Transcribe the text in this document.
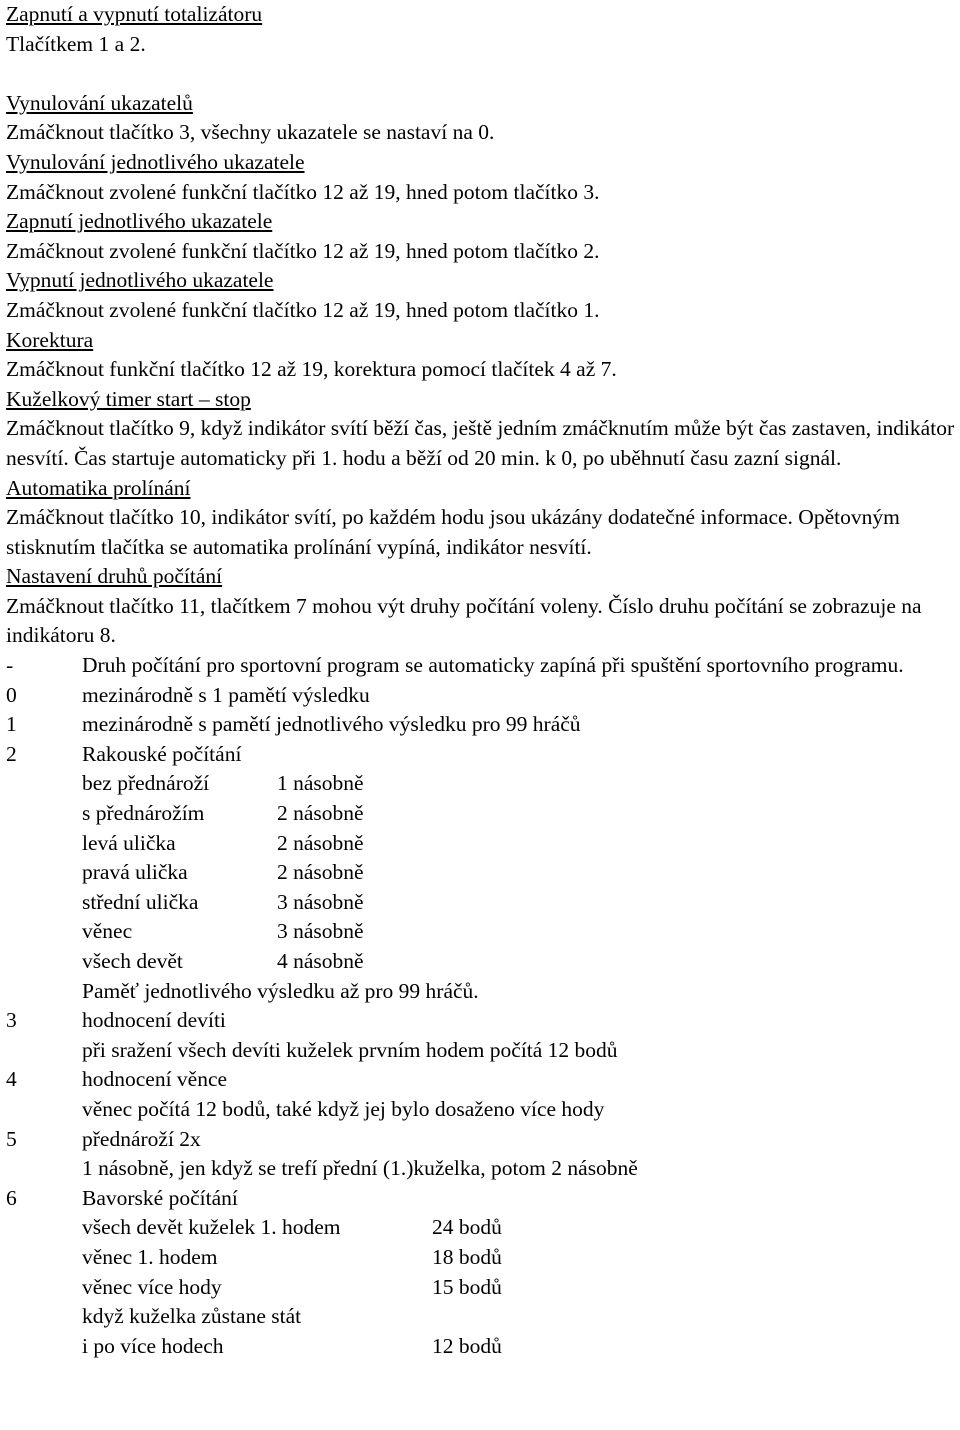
Zapnutí a vypnutí totalizátoru
Tlačítkem 1 a 2.

Vynulování ukazatelů
Zmáčknout tlačítko 3, všechny ukazatele se nastaví na 0.
Vynulování jednotlivého ukazatele
Zmáčknout zvolené funkční tlačítko 12 až 19, hned potom tlačítko 3.
Zapnutí jednotlivého ukazatele
Zmáčknout zvolené funkční tlačítko 12 až 19, hned potom tlačítko 2.
Vypnutí jednotlivého ukazatele
Zmáčknout zvolené funkční tlačítko 12 až 19, hned potom tlačítko 1.
Korektura
Zmáčknout funkční tlačítko 12 až 19, korektura pomocí tlačítek 4 až 7.
Kuželkový timer start – stop
Zmáčknout tlačítko 9, když indikátor svítí běží čas, ještě jedním zmáčknutím může být čas zastaven, indikátor nesvítí. Čas startuje automaticky při 1. hodu a běží od 20 min. k 0, po uběhnutí času zazní signál.
Automatika prolínání
Zmáčknout tlačítko 10, indikátor svítí, po každém hodu jsou ukázány dodatečné informace. Opětovným stisknutím tlačítka se automatika prolínání vypíná, indikátor nesvítí.
Nastavení druhů počítání
Zmáčknout tlačítko 11, tlačítkem 7 mohou výt druhy počítání voleny. Číslo druhu počítání se zobrazuje na indikátoru 8.
-	Druh počítání pro sportovní program se automaticky zapíná při spuštění sportovního programu.
0	mezinárodně s 1 pamětí výsledku
1	mezinárodně s pamětí jednotlivého výsledku pro 99 hráčů
2	Rakouské počítání
bez přednároží	1 násobně
s přednárožím	2 násobně
levá ulička	2 násobně
pravá ulička	2 násobně
střední ulička	3 násobně
věnec	3 násobně
všech devět	4 násobně
Paměť jednotlivého výsledku až pro 99 hráčů.
3	hodnocení devíti
při sražení všech devíti kuželek prvním hodem počítá 12 bodů
4	hodnocení věnce
věnec počítá 12 bodů, také když jej bylo dosaženo více hody
5	přednároží 2x
1 násobně, jen když se trefí přední (1.)kuželka, potom 2 násobně
6	Bavorské počítání
všech devět kuželek 1. hodem	24 bodů
věnec 1. hodem	18 bodů
věnec více hody	15 bodů
když kuželka zůstane stát
i po více hodech	12 bodů
